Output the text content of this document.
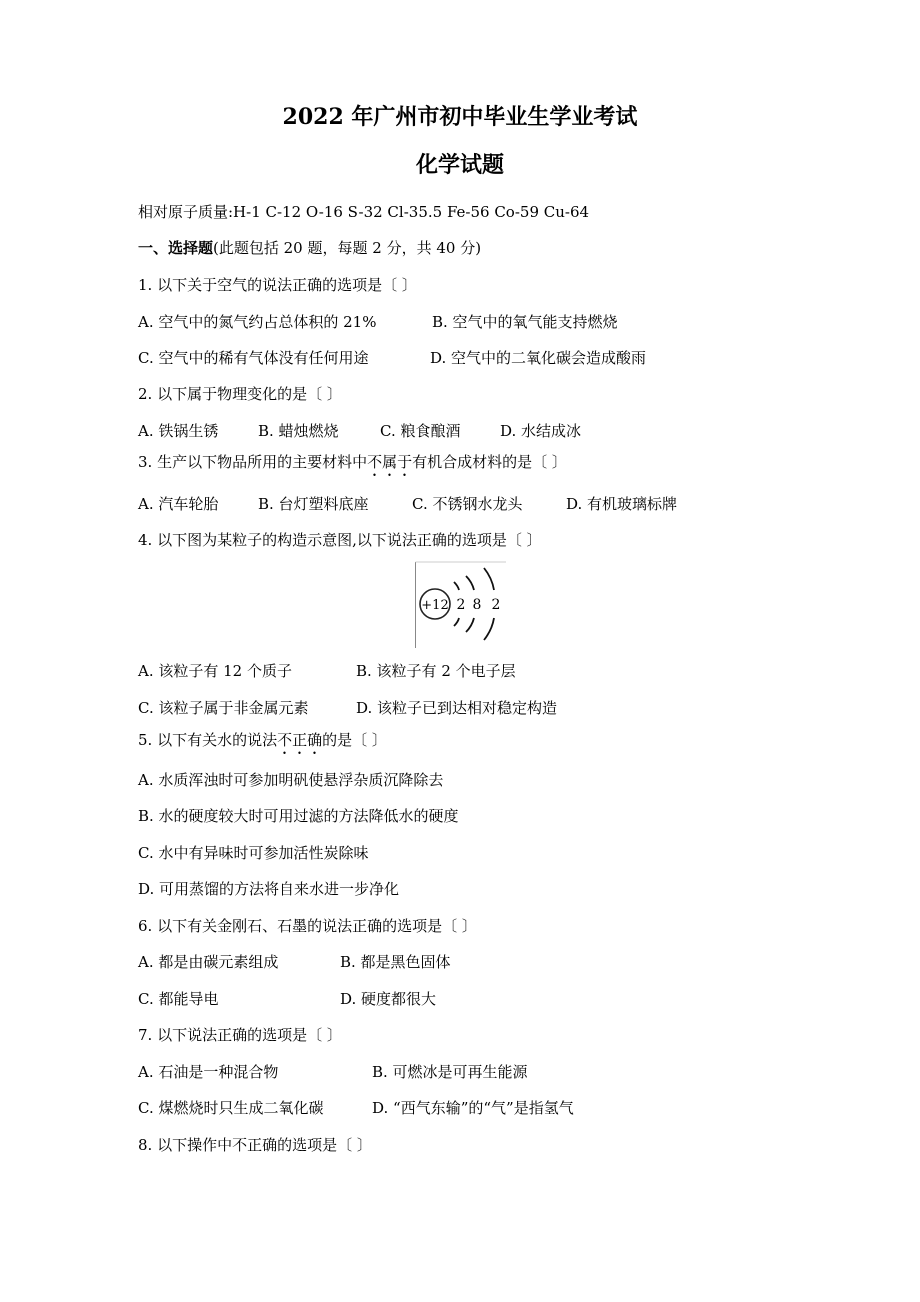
2022 年广州市初中毕业生学业考试
化学试题
相对原子质量:H-1 C-12 O-16 S-32 Cl-35.5 Fe-56 Co-59 Cu-64
一、选择题(此题包括 20 题，每题 2 分，共 40 分)
1. 以下关于空气的说法正确的选项是〔 〕
A. 空气中的氮气约占总体积的 21%	B. 空气中的氧气能支持燃烧
C. 空气中的稀有气体没有任何用途	D. 空气中的二氧化碳会造成酸雨
2. 以下属于物理变化的是〔 〕
A. 铁锅生锈	B. 蜡烛燃烧	C. 粮食酿酒	D. 水结成冰
3. 生产以下物品所用的主要材料中不属于有机合成材料的是〔 〕
A. 汽车轮胎	B. 台灯塑料底座	C. 不锈钢水龙头	D. 有机玻璃标牌
4. 以下图为某粒子的构造示意图,以下说法正确的选项是〔 〕
+12 2 8 2
A. 该粒子有 12 个质子	B. 该粒子有 2 个电子层
C. 该粒子属于非金属元素	D. 该粒子已到达相对稳定构造
5. 以下有关水的说法不正确的是〔 〕
A. 水质浑浊时可参加明矾使悬浮杂质沉降除去
B. 水的硬度较大时可用过滤的方法降低水的硬度
C. 水中有异味时可参加活性炭除味
D. 可用蒸馏的方法将自来水进一步净化
6. 以下有关金刚石、石墨的说法正确的选项是〔 〕
A. 都是由碳元素组成	B. 都是黑色固体
C. 都能导电	D. 硬度都很大
7. 以下说法正确的选项是〔 〕
A. 石油是一种混合物	B. 可燃冰是可再生能源
C. 煤燃烧时只生成二氧化碳	D. “西气东输”的“气”是指氢气
8. 以下操作中不正确的选项是〔 〕
